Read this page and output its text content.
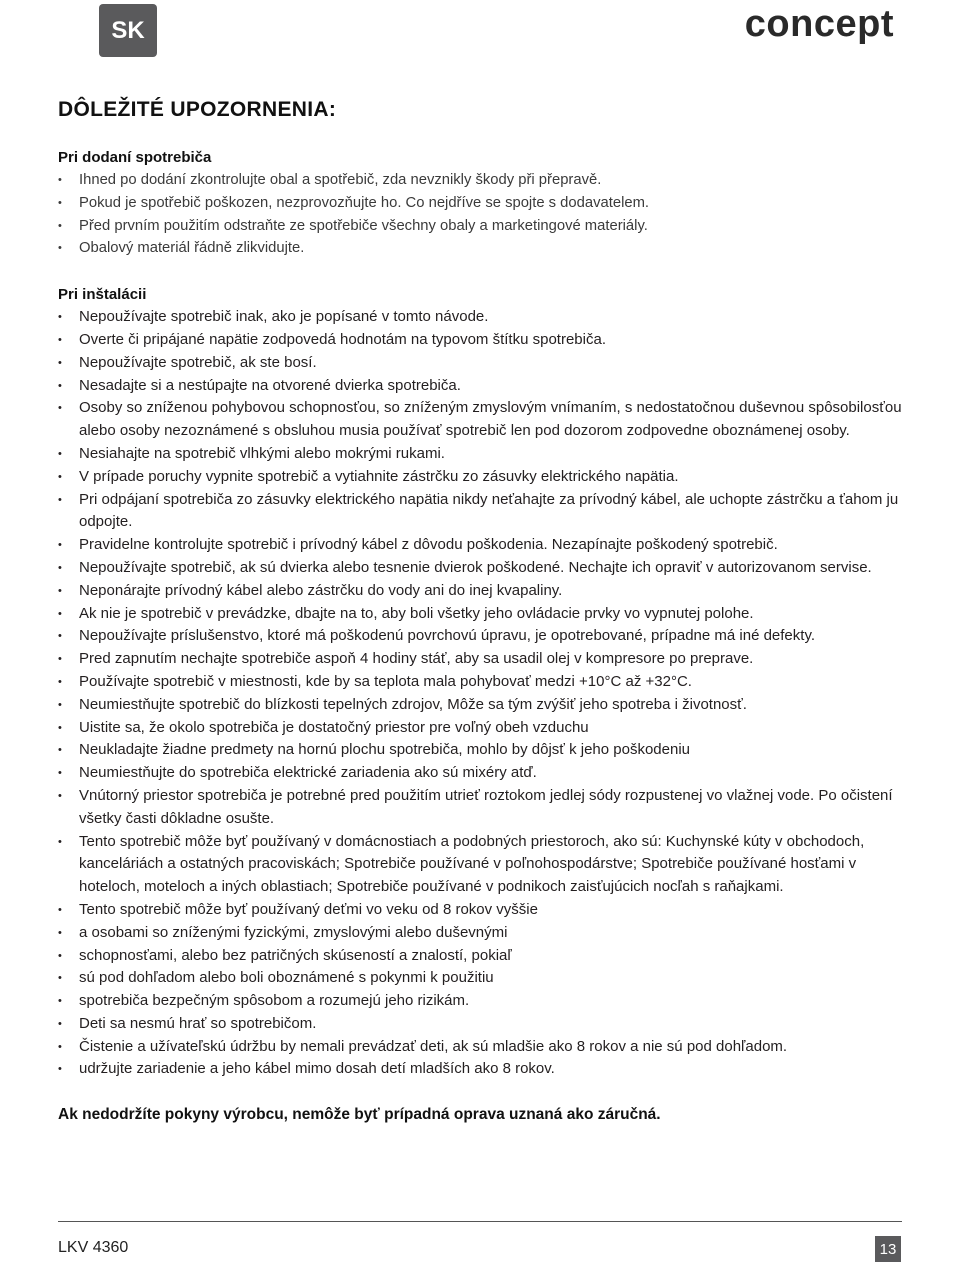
SK	concept
DÔLEŽITÉ UPOZORNENIA:

Pri dodaní spotrebiča

•	Ihned po dodání zkontrolujte obal a spotřebič, zda nevznikly škody při přepravě.
•	Pokud je spotřebič poškozen, nezprovozňujte ho. Co nejdříve se spojte s dodavatelem.
•	Před prvním použitím odstraňte ze spotřebiče všechny obaly a marketingové materiály.
•	Obalový materiál řádně zlikvidujte.

Pri inštalácii

•	Nepoužívajte spotrebič inak, ako je popísané v tomto návode.
•	Overte či pripájané napätie zodpovedá hodnotám na typovom štítku spotrebiča.
•	Nepoužívajte spotrebič, ak ste bosí.
•	Nesadajte si a nestúpajte na otvorené dvierka spotrebiča.
•	Osoby so zníženou pohybovou schopnosťou, so zníženým zmyslovým vnímaním, s nedostatočnou duševnou spôsobilosťou alebo osoby nezoznámené s obsluhou musia používať spotrebič len pod dozorom zodpovedne oboznámenej osoby.
•	Nesiahajte na spotrebič vlhkými alebo mokrými rukami.
•	V prípade poruchy vypnite spotrebič a vytiahnite zástrčku zo zásuvky elektrického napätia.
•	Pri odpájaní spotrebiča zo zásuvky elektrického napätia nikdy neťahajte za prívodný kábel, ale uchopte zástrčku a ťahom ju odpojte.
•	Pravidelne kontrolujte spotrebič i prívodný kábel z dôvodu poškodenia. Nezapínajte poškodený spotrebič.
•	Nepoužívajte spotrebič, ak sú dvierka alebo tesnenie dvierok poškodené. Nechajte ich opraviť v autorizovanom servise.
•	Neponárajte prívodný kábel alebo zástrčku do vody ani do inej kvapaliny.
•	Ak nie je spotrebič v prevádzke, dbajte na to, aby boli všetky jeho ovládacie prvky vo vypnutej polohe.
•	Nepoužívajte príslušenstvo, ktoré má poškodenú povrchovú úpravu, je opotrebované, prípadne má iné defekty.
•	Pred zapnutím nechajte spotrebiče aspoň 4 hodiny stáť, aby sa usadil olej v kompresore po preprave.
•	Používajte spotrebič v miestnosti, kde by sa teplota mala pohybovať medzi +10°C až +32°C.
•	Neumiestňujte spotrebič do blízkosti tepelných zdrojov, Môže sa tým zvýšiť jeho spotreba i životnosť.
•	Uistite sa, že okolo spotrebiča je dostatočný priestor pre voľný obeh vzduchu
•	Neukladajte žiadne predmety na hornú plochu spotrebiča, mohlo by dôjsť k jeho poškodeniu
•	Neumiestňujte do spotrebiča elektrické zariadenia ako sú mixéry atď.
•	Vnútorný priestor spotrebiča je potrebné pred použitím utrieť roztokom jedlej sódy rozpustenej vo vlažnej vode. Po očistení všetky časti dôkladne osušte.
•	Tento spotrebič môže byť používaný v domácnostiach a podobných priestoroch, ako sú: Kuchynské kúty v obchodoch, kanceláriách a ostatných pracoviskách; Spotrebiče používané v poľnohospodárstve; Spotrebiče používané hosťami v hoteloch, moteloch a iných oblastiach; Spotrebiče používané v podnikoch zaisťujúcich nocľah s raňajkami.
•	Tento spotrebič môže byť používaný deťmi vo veku od 8 rokov vyššie
•	a osobami so zníženými fyzickými, zmyslovými alebo duševnými
•	schopnosťami, alebo bez patričných skúseností a znalostí, pokiaľ
•	sú pod dohľadom alebo boli oboznámené s pokynmi k použitiu
•	spotrebiča bezpečným spôsobom a rozumejú jeho rizikám.
•	Deti sa nesmú hrať so spotrebičom.
•	Čistenie a užívateľskú údržbu by nemali prevádzať deti, ak sú mladšie ako 8 rokov a nie sú pod dohľadom.
•	udržujte zariadenie a jeho kábel mimo dosah detí mladších ako 8 rokov.

Ak nedodržíte pokyny výrobcu, nemôže byť prípadná oprava uznaná ako záručná.

LKV 4360	13
